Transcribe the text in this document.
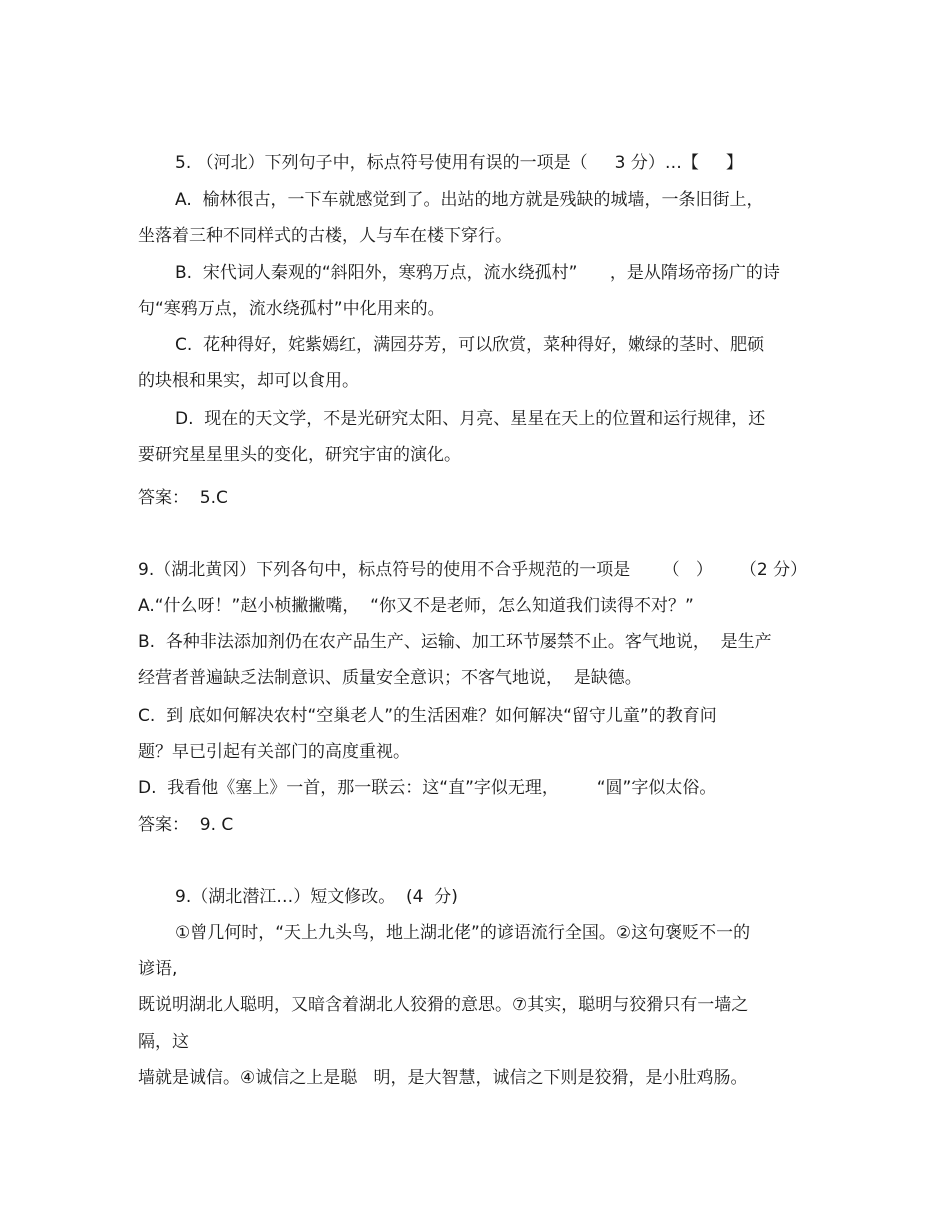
5. （河北）下列句子中，标点符号使用有误的一项是（     3 分）…【     】

A.  榆林很古，一下车就感觉到了。出站的地方就是残缺的城墙，一条旧街上，

坐落着三种不同样式的古楼，人与车在楼下穿行。

B.  宋代词人秦观的“斜阳外，寒鸦万点，流水绕孤村”      ，是从隋场帝扬广的诗

句“寒鸦万点，流水绕孤村”中化用来的。

C.  花种得好，姹紫嫣红，满园芬芳，可以欣赏，菜种得好，嫩绿的茎时、肥硕

的块根和果实，却可以食用。

D.  现在的天文学，不是光研究太阳、月亮、星星在天上的位置和运行规律，还

要研究星星里头的变化，研究宇宙的演化。

答案：  5.C

9.（湖北黄冈）下列各句中，标点符号的使用不合乎规范的一项是      （   ）     （2 分）

A.“什么呀！”赵小桢撇撇嘴，  “你又不是老师，怎么知道我们读得不对？”

B.  各种非法添加剂仍在农产品生产、运输、加工环节屡禁不止。客气地说，  是生产

经营者普遍缺乏法制意识、质量安全意识；不客气地说，  是缺德。

C.  到 底如何解决农村“空巢老人”的生活困难？如何解决“留守儿童”的教育问

题？早已引起有关部门的高度重视。

D.  我看他《塞上》一首，那一联云：这“直”字似无理，       “圆”字似太俗。

答案：  9. C

9.（湖北潜江…）短文修改。  (4  分)

①曾几何时，“天上九头鸟，地上湖北佬”的谚语流行全国。②这句褒贬不一的

谚语,

既说明湖北人聪明，又暗含着湖北人狡猾的意思。⑦其实，聪明与狡猾只有一墙之

隔，这

墙就是诚信。④诚信之上是聪   明，是大智慧，诚信之下则是狡猾，是小肚鸡肠。
